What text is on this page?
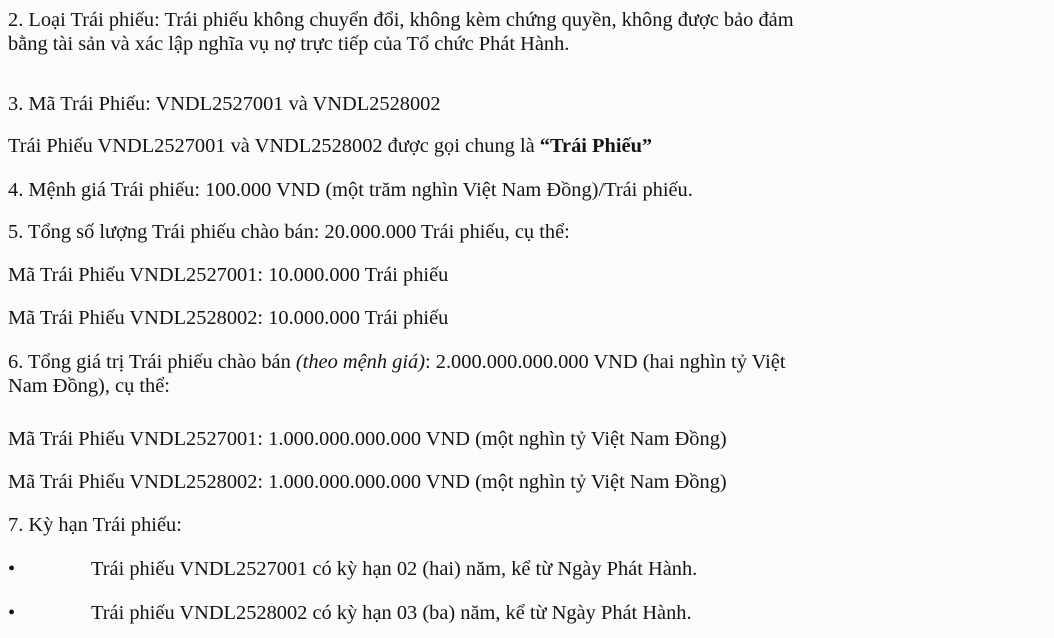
2. Loại Trái phiếu: Trái phiếu không chuyển đổi, không kèm chứng quyền, không được bảo đảm
bằng tài sản và xác lập nghĩa vụ nợ trực tiếp của Tổ chức Phát Hành.
3. Mã Trái Phiếu: VNDL2527001 và VNDL2528002
Trái Phiếu VNDL2527001 và VNDL2528002 được gọi chung là “Trái Phiếu”
4. Mệnh giá Trái phiếu: 100.000 VND (một trăm nghìn Việt Nam Đồng)/Trái phiếu.
5. Tổng số lượng Trái phiếu chào bán: 20.000.000 Trái phiếu, cụ thể:
Mã Trái Phiếu VNDL2527001: 10.000.000 Trái phiếu
Mã Trái Phiếu VNDL2528002: 10.000.000 Trái phiếu
6. Tổng giá trị Trái phiếu chào bán (theo mệnh giá): 2.000.000.000.000 VND (hai nghìn tỷ Việt
Nam Đồng), cụ thể:
Mã Trái Phiếu VNDL2527001: 1.000.000.000.000 VND (một nghìn tỷ Việt Nam Đồng)
Mã Trái Phiếu VNDL2528002: 1.000.000.000.000 VND (một nghìn tỷ Việt Nam Đồng)
7. Kỳ hạn Trái phiếu:
•	Trái phiếu VNDL2527001 có kỳ hạn 02 (hai) năm, kể từ Ngày Phát Hành.
•	Trái phiếu VNDL2528002 có kỳ hạn 03 (ba) năm, kể từ Ngày Phát Hành.
